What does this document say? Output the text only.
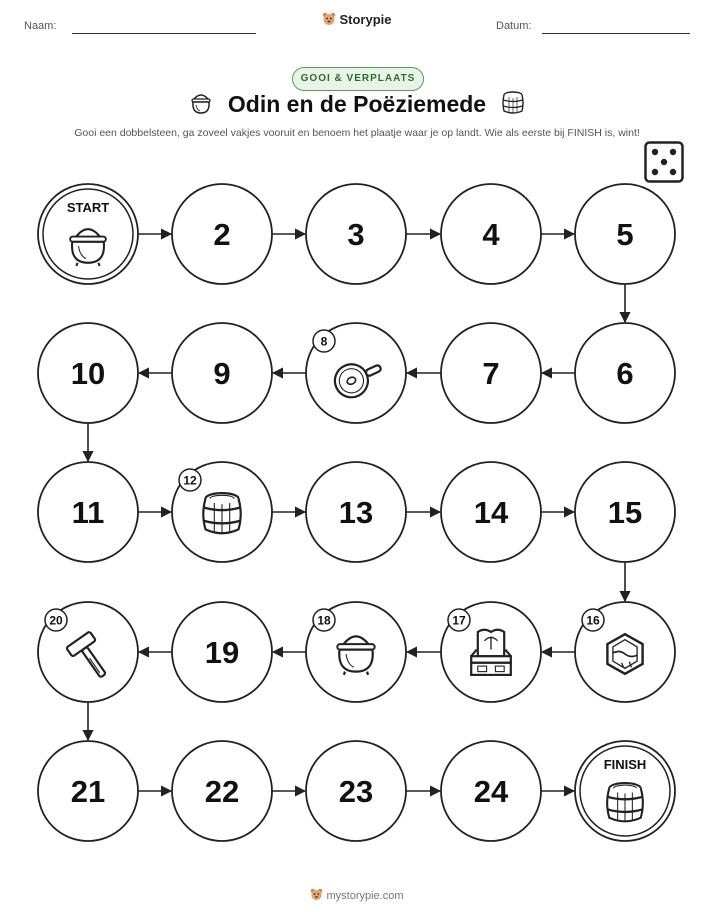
Naam:	Datum:
Storypie
GOOI & VERPLAATS
Odin en de Poëziemede
Gooi een dobbelsteen, ga zoveel vakjes vooruit en benoem het plaatje waar je op landt. Wie als eerste bij FINISH is, wint!
START
2	3	4	5
6
7
8
9
10
11
12
13	14	15
16
17
18
19
20
21	22	23	24
FINISH
mystorypie.com
